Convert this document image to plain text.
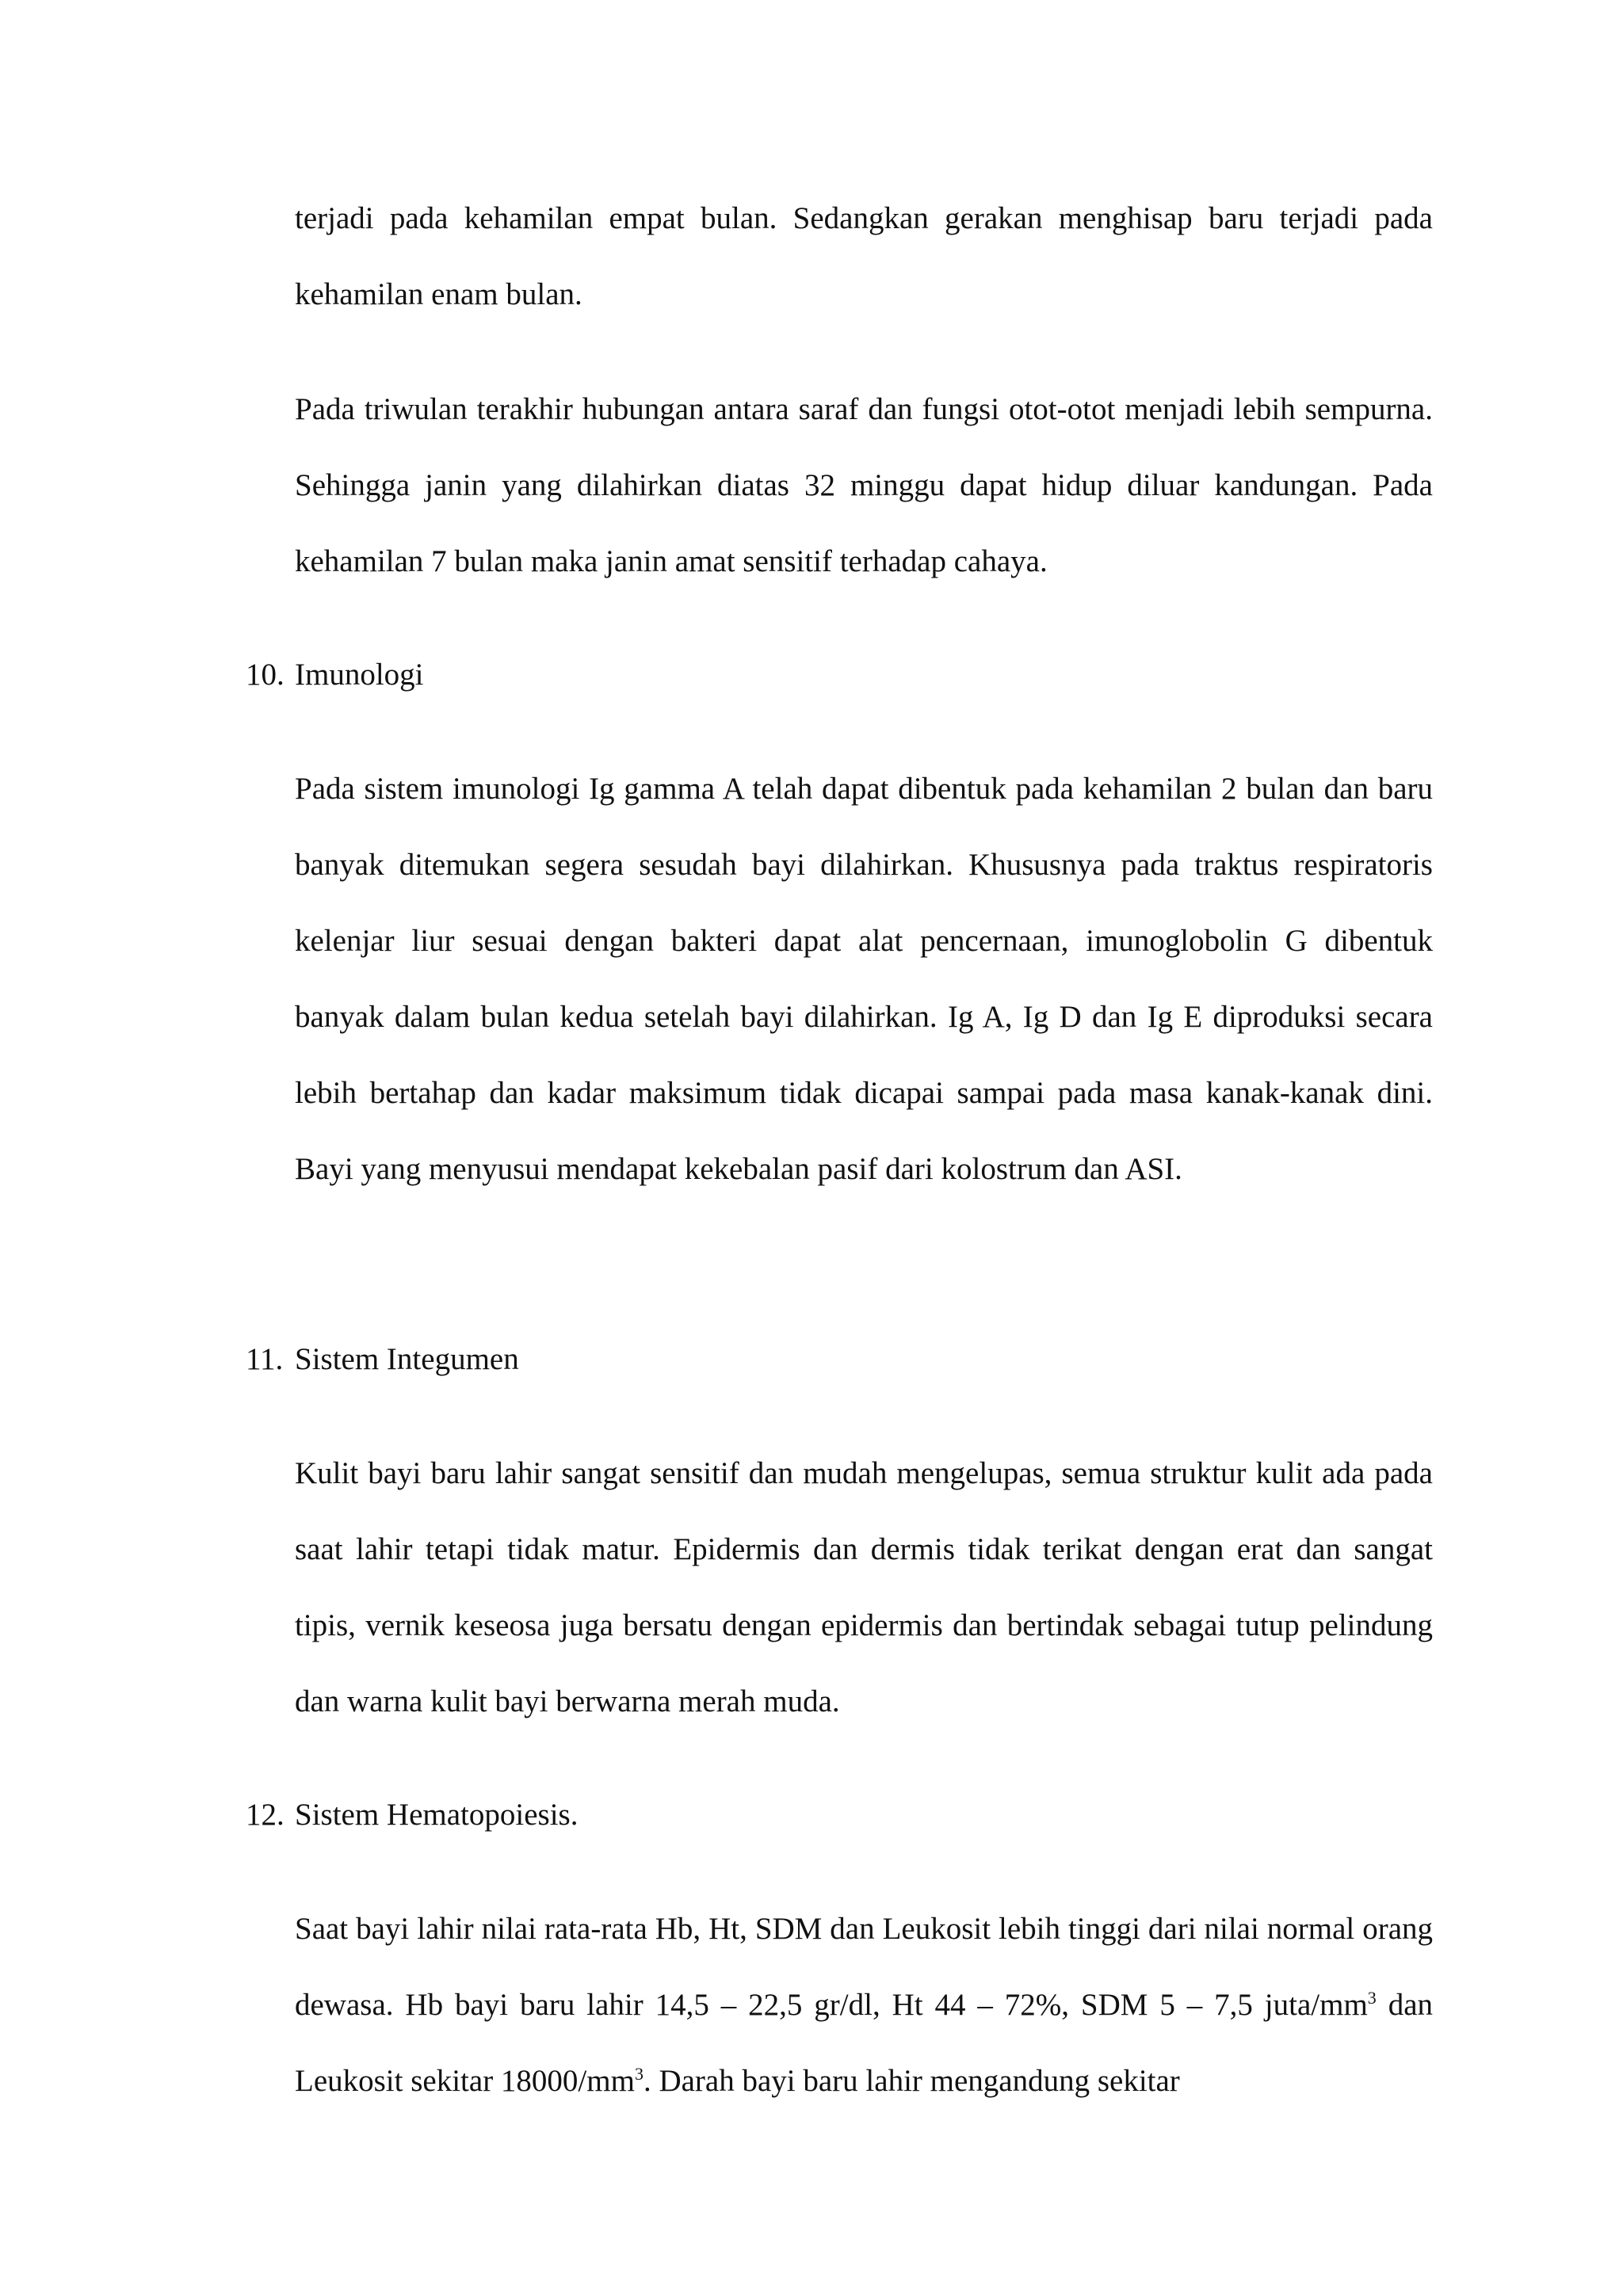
terjadi pada kehamilan empat bulan. Sedangkan gerakan menghisap baru terjadi pada kehamilan enam bulan.

Pada triwulan terakhir hubungan antara saraf dan fungsi otot-otot menjadi lebih sempurna. Sehingga janin yang dilahirkan diatas 32 minggu dapat hidup diluar kandungan. Pada kehamilan 7 bulan maka janin amat sensitif terhadap cahaya.

10. Imunologi

Pada sistem imunologi Ig gamma A telah dapat dibentuk pada kehamilan 2 bulan dan baru banyak ditemukan segera sesudah bayi dilahirkan. Khususnya pada traktus respiratoris kelenjar liur sesuai dengan bakteri dapat alat pencernaan, imunoglobolin G dibentuk banyak dalam bulan kedua setelah bayi dilahirkan. Ig A, Ig D dan Ig E diproduksi secara lebih bertahap dan kadar maksimum tidak dicapai sampai pada masa kanak-kanak dini. Bayi yang menyusui mendapat kekebalan pasif dari kolostrum dan ASI.

11. Sistem Integumen

Kulit bayi baru lahir sangat sensitif dan mudah mengelupas, semua struktur kulit ada pada saat lahir tetapi tidak matur. Epidermis dan dermis tidak terikat dengan erat dan sangat tipis, vernik keseosa juga bersatu dengan epidermis dan bertindak sebagai tutup pelindung dan warna kulit bayi berwarna merah muda.

12. Sistem Hematopoiesis.

Saat bayi lahir nilai rata-rata Hb, Ht, SDM dan Leukosit lebih tinggi dari nilai normal orang dewasa. Hb bayi baru lahir 14,5 – 22,5 gr/dl, Ht 44 – 72%, SDM 5 – 7,5 juta/$mm^3$ dan Leukosit sekitar $18000/mm^3$. Darah bayi baru lahir mengandung sekitar
